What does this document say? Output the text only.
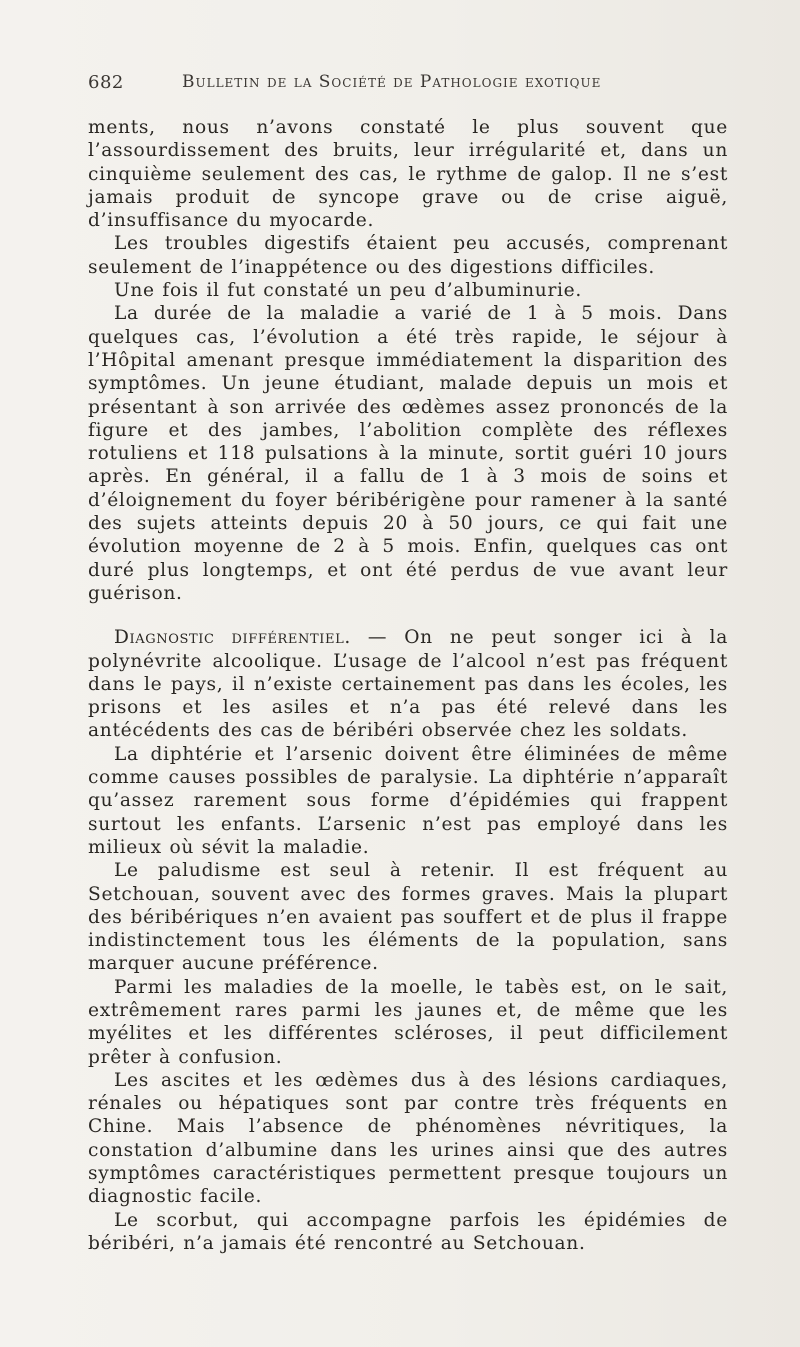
682	Bulletin de la Société de Pathologie exotique

ments, nous n’avons constaté le plus souvent que l’assourdissement des bruits, leur irrégularité et, dans un cinquième seulement des cas, le rythme de galop. Il ne s’est jamais produit de syncope grave ou de crise aiguë, d’insuffisance du myocarde.

Les troubles digestifs étaient peu accusés, comprenant seulement de l’inappétence ou des digestions difficiles.

Une fois il fut constaté un peu d’albuminurie.

La durée de la maladie a varié de 1 à 5 mois. Dans quelques cas, l’évolution a été très rapide, le séjour à l’Hôpital amenant presque immédiatement la disparition des symptômes. Un jeune étudiant, malade depuis un mois et présentant à son arrivée des œdèmes assez prononcés de la figure et des jambes, l’abolition complète des réflexes rotuliens et 118 pulsations à la minute, sortit guéri 10 jours après. En général, il a fallu de 1 à 3 mois de soins et d’éloignement du foyer béribérigène pour ramener à la santé des sujets atteints depuis 20 à 50 jours, ce qui fait une évolution moyenne de 2 à 5 mois. Enfin, quelques cas ont duré plus longtemps, et ont été perdus de vue avant leur guérison.

Diagnostic différentiel. — On ne peut songer ici à la polynévrite alcoolique. L’usage de l’alcool n’est pas fréquent dans le pays, il n’existe certainement pas dans les écoles, les prisons et les asiles et n’a pas été relevé dans les antécédents des cas de béribéri observée chez les soldats.

La diphtérie et l’arsenic doivent être éliminées de même comme causes possibles de paralysie. La diphtérie n’apparaît qu’assez rarement sous forme d’épidémies qui frappent surtout les enfants. L’arsenic n’est pas employé dans les milieux où sévit la maladie.

Le paludisme est seul à retenir. Il est fréquent au Setchouan, souvent avec des formes graves. Mais la plupart des béribériques n’en avaient pas souffert et de plus il frappe indistinctement tous les éléments de la population, sans marquer aucune préférence.

Parmi les maladies de la moelle, le tabès est, on le sait, extrêmement rares parmi les jaunes et, de même que les myélites et les différentes scléroses, il peut difficilement prêter à confusion.

Les ascites et les œdèmes dus à des lésions cardiaques, rénales ou hépatiques sont par contre très fréquents en Chine. Mais l’absence de phénomènes névritiques, la constation d’albumine dans les urines ainsi que des autres symptômes caractéristiques permettent presque toujours un diagnostic facile.

Le scorbut, qui accompagne parfois les épidémies de béribéri, n’a jamais été rencontré au Setchouan.
